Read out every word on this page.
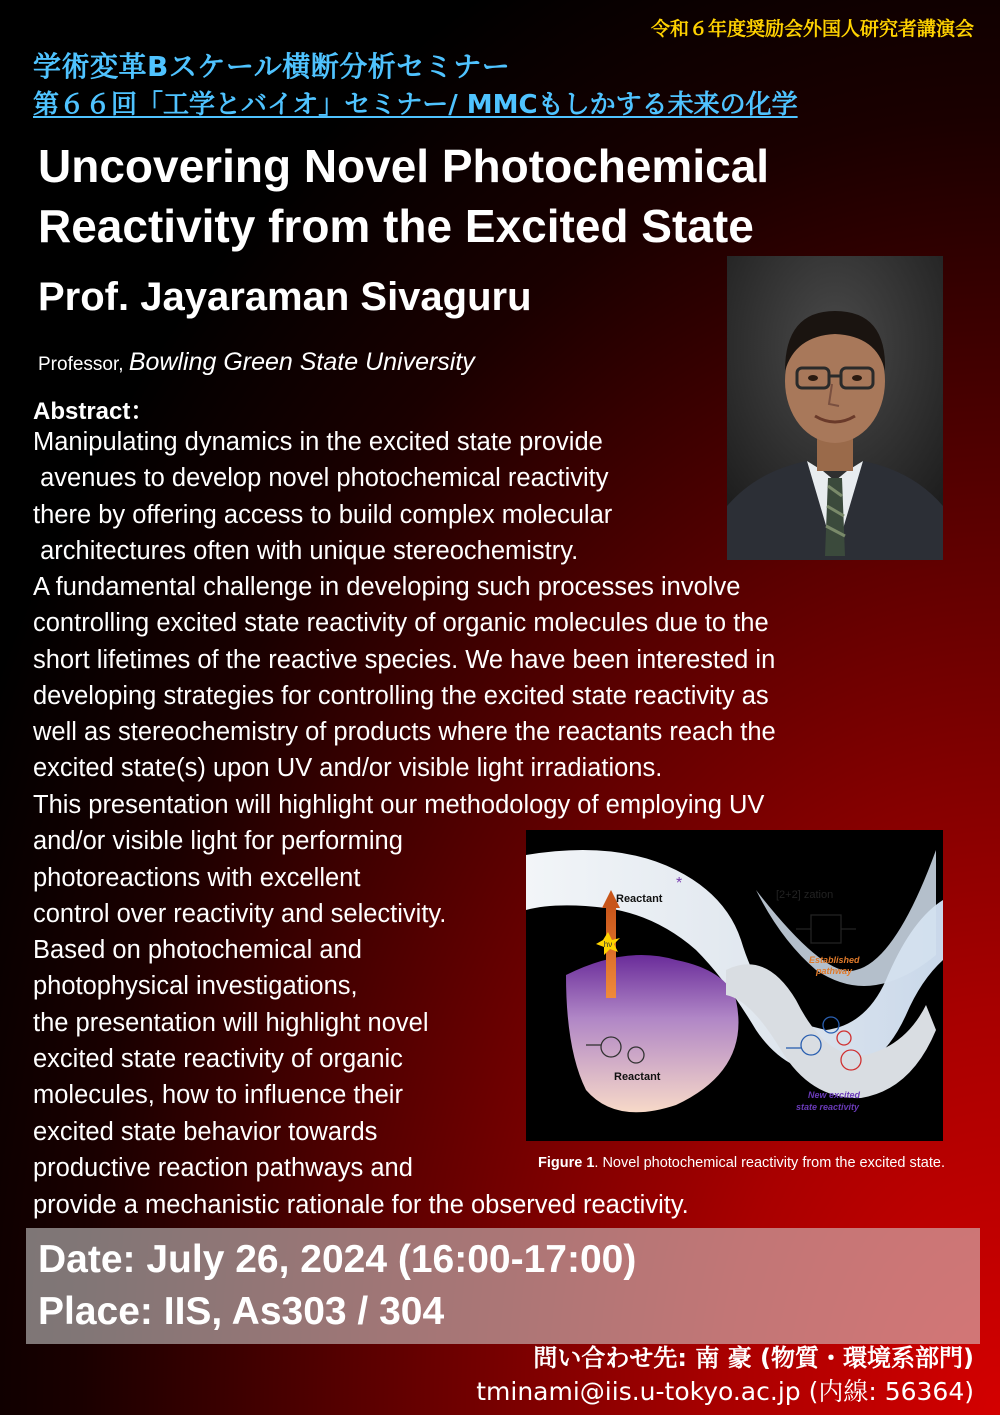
令和６年度奨励会外国人研究者講演会
学術変革Bスケール横断分析セミナー
第６６回「工学とバイオ」セミナー/ MMCもしかする未来の化学
Uncovering Novel Photochemical Reactivity from the Excited State
Prof. Jayaraman Sivaguru
Professor, Bowling Green State University
Abstract：
Manipulating dynamics in the excited state provide
avenues to develop novel photochemical reactivity
there by offering access to build complex molecular
architectures often with unique stereochemistry.
A fundamental challenge in developing such processes involve
controlling excited state reactivity of organic molecules due to the
short lifetimes of the reactive species. We have been interested in
developing strategies for controlling the excited state reactivity as
well as stereochemistry of products where the reactants reach the
excited state(s) upon UV and/or visible light irradiations.
This presentation will highlight our methodology of employing UV
and/or visible light for performing
photoreactions with excellent
control over reactivity and selectivity.
Based on photochemical and
photophysical investigations,
the presentation will highlight novel
excited state reactivity of organic
molecules, how to influence their
excited state behavior towards
productive reaction pathways and
provide a mechanistic rationale for the observed reactivity.
hν
Reactant
*
[2+2] zation
Established
pathway
Reactant
New excited
state reactivity
Figure 1. Novel photochemical reactivity from the excited state.
Date: July 26, 2024 (16:00-17:00)
Place: IIS, As303 / 304
問い合わせ先: 南 豪 (物質・環境系部門)
tminami@iis.u-tokyo.ac.jp (内線: 56364)
